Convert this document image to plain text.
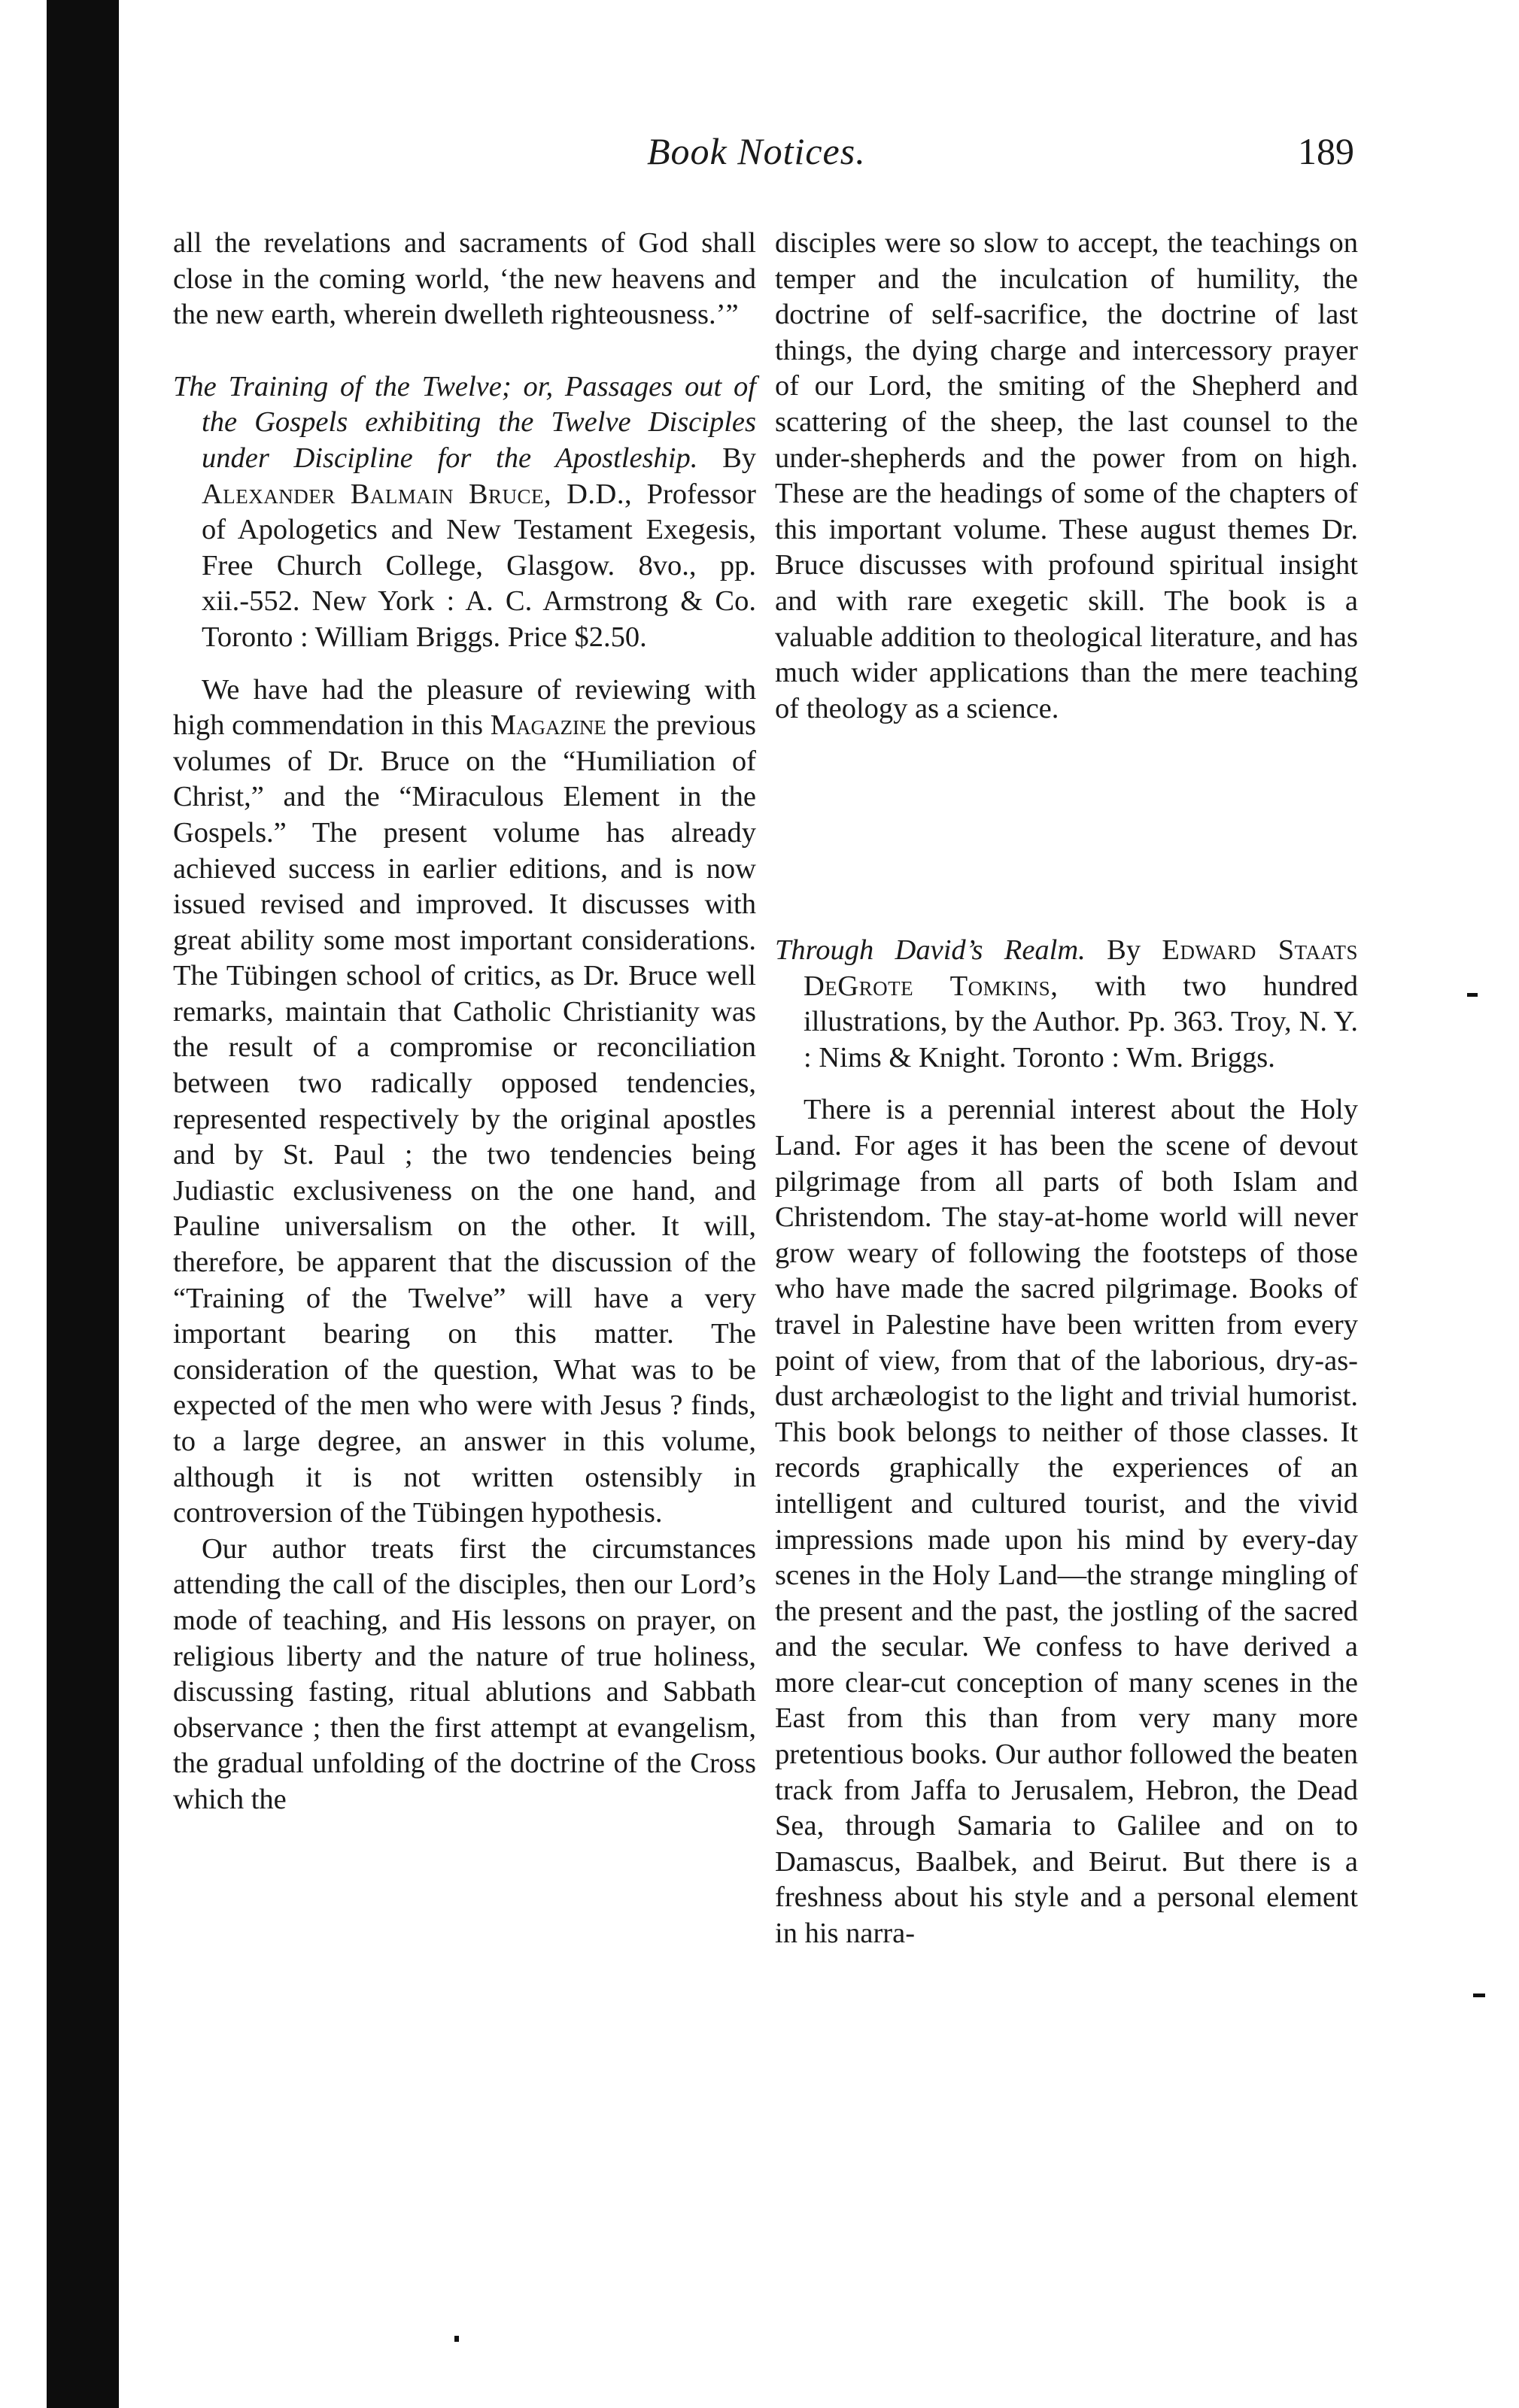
Book Notices.	189

all the revelations and sacraments of God shall close in the coming world, ‘the new heavens and the new earth, wherein dwelleth righteousness.’”

The Training of the Twelve; or, Passages out of the Gospels exhibiting the Twelve Disciples under Discipline for the Apostleship. By Alexander Balmain Bruce, D.D., Professor of Apologetics and New Testament Exegesis, Free Church College, Glasgow. 8vo., pp. xii.-552. New York : A. C. Armstrong & Co. Toronto : William Briggs. Price $2.50.

We have had the pleasure of reviewing with high commendation in this Magazine the previous volumes of Dr. Bruce on the “Humiliation of Christ,” and the “Miraculous Element in the Gospels.” The present volume has already achieved success in earlier editions, and is now issued revised and improved. It discusses with great ability some most important considerations. The Tübingen school of critics, as Dr. Bruce well remarks, maintain that Catholic Christianity was the result of a compromise or reconciliation between two radically opposed tendencies, represented respectively by the original apostles and by St. Paul ; the two tendencies being Judiastic exclusiveness on the one hand, and Pauline universalism on the other. It will, therefore, be apparent that the discussion of the “Training of the Twelve” will have a very important bearing on this matter. The consideration of the question, What was to be expected of the men who were with Jesus ? finds, to a large degree, an answer in this volume, although it is not written ostensibly in controversion of the Tübingen hypothesis.

Our author treats first the circumstances attending the call of the disciples, then our Lord’s mode of teaching, and His lessons on prayer, on religious liberty and the nature of true holiness, discussing fasting, ritual ablutions and Sabbath observance ; then the first attempt at evangelism, the gradual unfolding of the doctrine of the Cross which the

disciples were so slow to accept, the teachings on temper and the inculcation of humility, the doctrine of self-sacrifice, the doctrine of last things, the dying charge and intercessory prayer of our Lord, the smiting of the Shepherd and scattering of the sheep, the last counsel to the under-shepherds and the power from on high. These are the headings of some of the chapters of this important volume. These august themes Dr. Bruce discusses with profound spiritual insight and with rare exegetic skill. The book is a valuable addition to theological literature, and has much wider applications than the mere teaching of theology as a science.

Through David’s Realm. By Edward Staats DeGrote Tomkins, with two hundred illustrations, by the Author. Pp. 363. Troy, N. Y. : Nims & Knight. Toronto : Wm. Briggs.

There is a perennial interest about the Holy Land. For ages it has been the scene of devout pilgrimage from all parts of both Islam and Christendom. The stay-at-home world will never grow weary of following the footsteps of those who have made the sacred pilgrimage. Books of travel in Palestine have been written from every point of view, from that of the laborious, dry-as-dust archæologist to the light and trivial humorist. This book belongs to neither of those classes. It records graphically the experiences of an intelligent and cultured tourist, and the vivid impressions made upon his mind by every-day scenes in the Holy Land—the strange mingling of the present and the past, the jostling of the sacred and the secular. We confess to have derived a more clear-cut conception of many scenes in the East from this than from very many more pretentious books. Our author followed the beaten track from Jaffa to Jerusalem, Hebron, the Dead Sea, through Samaria to Galilee and on to Damascus, Baalbek, and Beirut. But there is a freshness about his style and a personal element in his narra-
